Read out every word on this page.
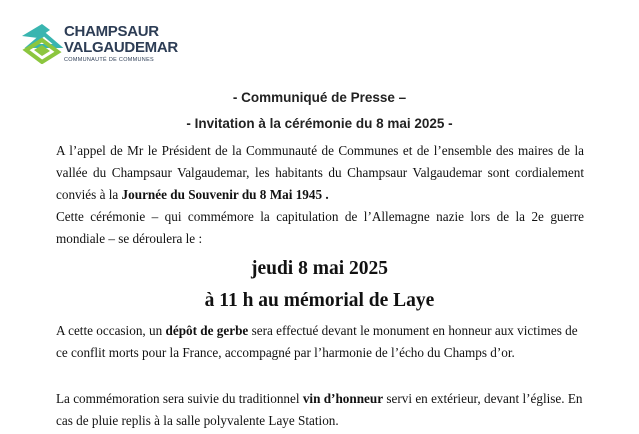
CHAMPSAUR
VALGAUDEMAR
COMMUNAUTÉ DE COMMUNES
- Communiqué de Presse –
- Invitation à la cérémonie du 8 mai 2025 -

A l’appel de Mr le Président de la Communauté de Communes et de l’ensemble des maires de la vallée du Champsaur Valgaudemar, les habitants du Champsaur Valgaudemar sont cordialement conviés à la Journée du Souvenir du 8 Mai 1945 .

Cette cérémonie – qui commémore la capitulation de l’Allemagne nazie lors de la 2e guerre mondiale – se déroulera le :

jeudi 8 mai 2025
à 11 h au mémorial de Laye

A cette occasion, un dépôt de gerbe sera effectué devant le monument en honneur aux victimes de ce conflit morts pour la France, accompagné par l’harmonie de l’écho du Champs d’or.

La commémoration sera suivie du traditionnel vin d’honneur servi en extérieur, devant l’église. En cas de pluie replis à la salle polyvalente Laye Station.
